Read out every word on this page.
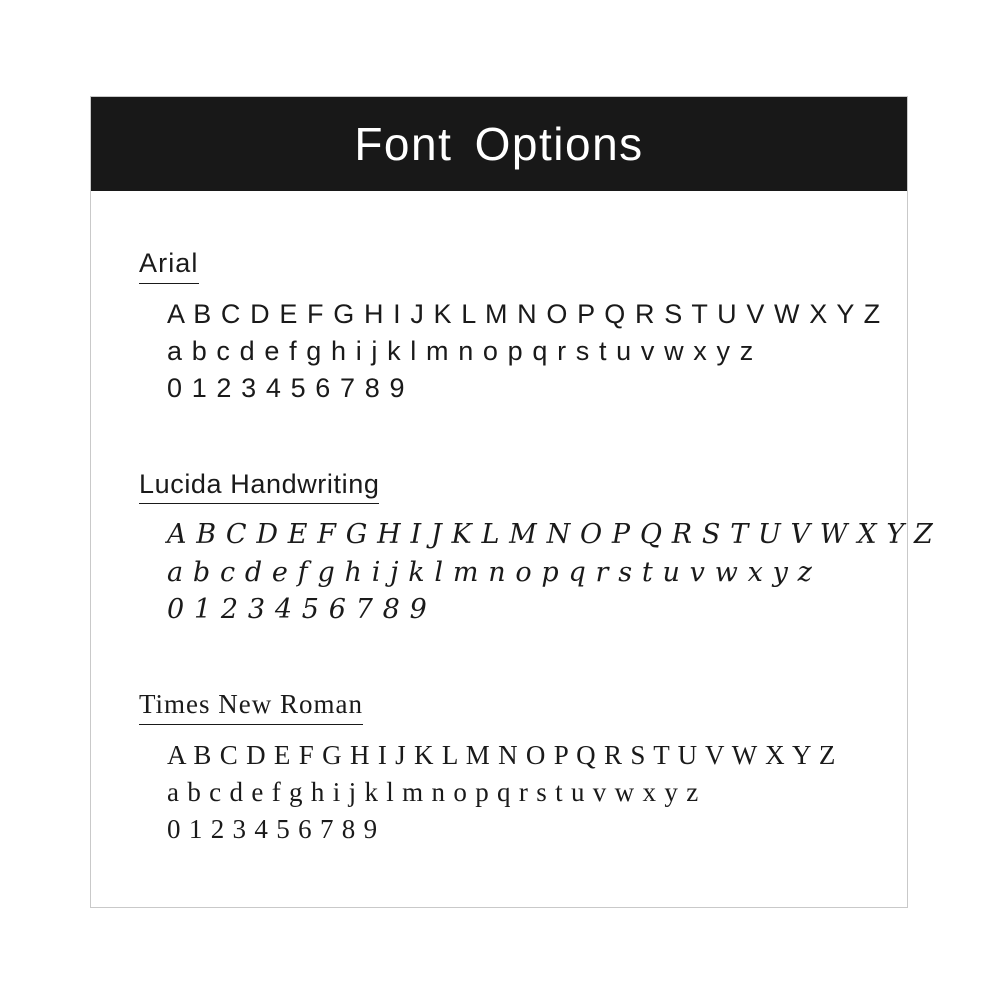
Font Options
Arial
A B C D E F G H I J K L M N O P Q R S T U V W X Y Z
a b c d e f g h i j k l m n o p q r s t u v w x y z
0 1 2 3 4 5 6 7 8 9
Lucida Handwriting
A B C D E F G H I J K L M N O P Q R S T U V W X Y Z
a b c d e f g h i j k l m n o p q r s t u v w x y z
0 1 2 3 4 5 6 7 8 9
Times New Roman
A B C D E F G H I J K L M N O P Q R S T U V W X Y Z
a b c d e f g h i j k l m n o p q r s t u v w x y z
0 1 2 3 4 5 6 7 8 9
